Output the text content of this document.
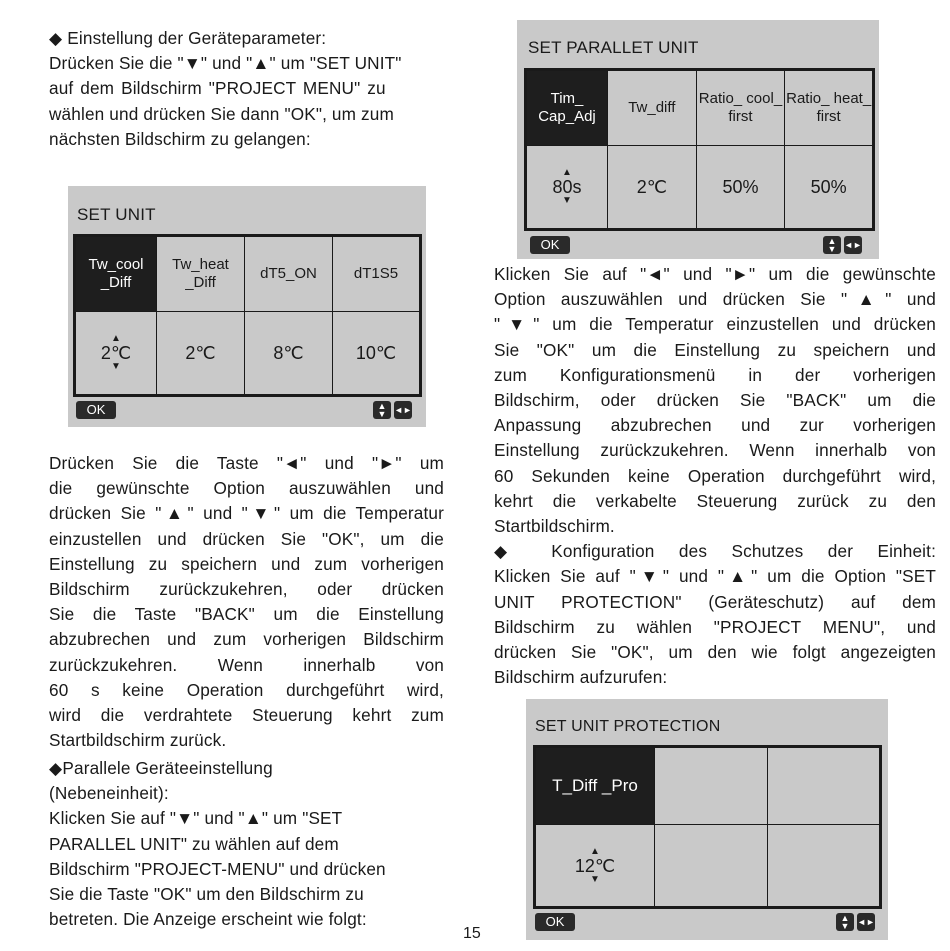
◆ Einstellung der Geräteparameter:
Drücken Sie die "▼" und "▲" um "SET UNIT"
auf dem Bildschirm "PROJECT MENU" zu
wählen und drücken Sie dann "OK", um zum
nächsten Bildschirm zu gelangen:
SET UNIT
Tw_cool _Diff	Tw_heat _Diff	dT5_ON	dT1S5

▲
2℃
▼	2℃	8℃	10℃
OK	▲
▼ ◄►
Drücken Sie die Taste "◄" und "►" um
die gewünschte Option auszuwählen und
drücken Sie "▲" und "▼" um die Temperatur
einzustellen und drücken Sie "OK", um die
Einstellung zu speichern und zum vorherigen
Bildschirm zurückzukehren, oder drücken
Sie die Taste "BACK" um die Einstellung
abzubrechen und zum vorherigen Bildschirm
zurückzukehren. Wenn innerhalb von
60 s keine Operation durchgeführt wird,
wird die verdrahtete Steuerung kehrt zum
Startbildschirm zurück.
◆Parallele Geräteeinstellung
(Nebeneinheit):
Klicken Sie auf "▼" und "▲" um "SET
PARALLEL UNIT" zu wählen auf dem
Bildschirm "PROJECT-MENU" und drücken
Sie die Taste "OK" um den Bildschirm zu
betreten. Die Anzeige erscheint wie folgt:
SET PARALLET UNIT
Tim_ Cap_Adj	Tw_diff	Ratio_ cool_ first	Ratio_ heat_ first

▲
80s
▼	2℃	50%	50%
OK	▲
▼ ◄►
Klicken Sie auf "◄" und "►" um die gewünschte
Option auszuwählen und drücken Sie "▲" und
"▼" um die Temperatur einzustellen und drücken
Sie "OK" um die Einstellung zu speichern und
zum Konfigurationsmenü in der vorherigen
Bildschirm, oder drücken Sie "BACK" um die
Anpassung abzubrechen und zur vorherigen
Einstellung zurückzukehren. Wenn innerhalb von
60 Sekunden keine Operation durchgeführt wird,
kehrt die verkabelte Steuerung zurück zu den
Startbildschirm.
◆ Konfiguration des Schutzes der Einheit:
Klicken Sie auf "▼" und "▲" um die Option "SET
UNIT PROTECTION" (Geräteschutz) auf dem
Bildschirm zu wählen "PROJECT MENU", und
drücken Sie "OK", um den wie folgt angezeigten
Bildschirm aufzurufen:
SET UNIT PROTECTION
T_Diff _Pro		

▲
12℃
▼		

OK	▲
▼ ◄►
15
